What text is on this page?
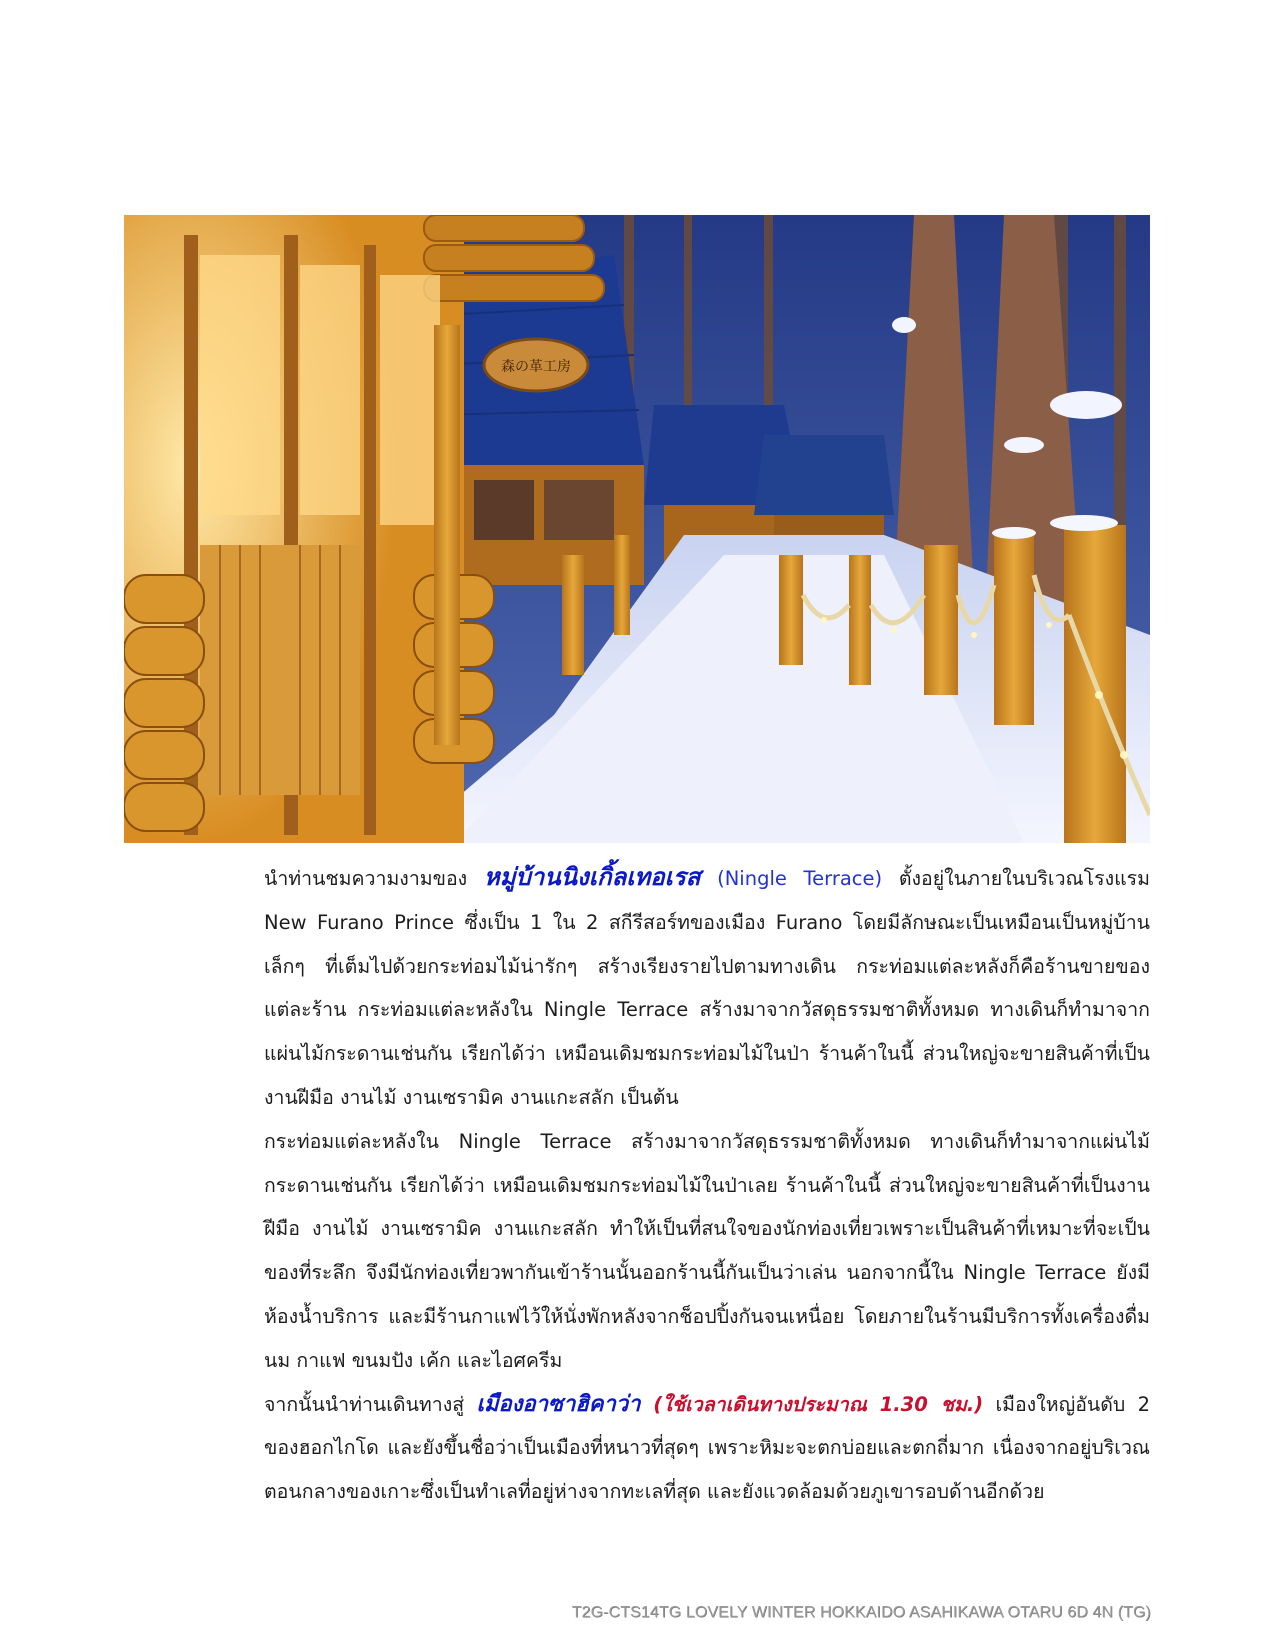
森の革工房

นำท่านชมความงามของ หมู่บ้านนิงเกิ้ลเทอเรส (Ningle Terrace) ตั้งอยู่ในภายในบริเวณโรงแรม New Furano Prince ซึ่งเป็น 1 ใน 2 สกีรีสอร์ทของเมือง Furano โดยมีลักษณะเป็นเหมือนเป็นหมู่บ้านเล็กๆ ที่เต็มไปด้วยกระท่อมไม้น่ารักๆ สร้างเรียงรายไปตามทางเดิน กระท่อมแต่ละหลังก็คือร้านขายของแต่ละร้าน กระท่อมแต่ละหลังใน Ningle Terrace สร้างมาจากวัสดุธรรมชาติทั้งหมด ทางเดินก็ทำมาจากแผ่นไม้กระดานเช่นกัน เรียกได้ว่า เหมือนเดิมชมกระท่อมไม้ในป่า ร้านค้าในนี้ ส่วนใหญ่จะขายสินค้าที่เป็นงานฝีมือ งานไม้ งานเซรามิค งานแกะสลัก เป็นต้น

กระท่อมแต่ละหลังใน Ningle Terrace สร้างมาจากวัสดุธรรมชาติทั้งหมด ทางเดินก็ทำมาจากแผ่นไม้กระดานเช่นกัน เรียกได้ว่า เหมือนเดิมชมกระท่อมไม้ในป่าเลย ร้านค้าในนี้ ส่วนใหญ่จะขายสินค้าที่เป็นงานฝีมือ งานไม้ งานเซรามิค งานแกะสลัก ทำให้เป็นที่สนใจของนักท่องเที่ยวเพราะเป็นสินค้าที่เหมาะที่จะเป็นของที่ระลึก จึงมีนักท่องเที่ยวพากันเข้าร้านนั้นออกร้านนี้กันเป็นว่าเล่น นอกจากนี้ใน Ningle Terrace ยังมีห้องน้ำบริการ และมีร้านกาแฟไว้ให้นั่งพักหลังจากช็อปปิ้งกันจนเหนื่อย โดยภายในร้านมีบริการทั้งเครื่องดื่ม นม กาแฟ ขนมปัง เค้ก และไอศครีม

จากนั้นนำท่านเดินทางสู่ เมืองอาซาฮิคาว่า (ใช้เวลาเดินทางประมาณ 1.30 ชม.) เมืองใหญ่อันดับ 2 ของฮอกไกโด และยังขึ้นชื่อว่าเป็นเมืองที่หนาวที่สุดๆ เพราะหิมะจะตกบ่อยและตกถี่มาก เนื่องจากอยู่บริเวณตอนกลางของเกาะซึ่งเป็นทำเลที่อยู่ห่างจากทะเลที่สุด และยังแวดล้อมด้วยภูเขารอบด้านอีกด้วย

T2G-CTS14TG LOVELY WINTER HOKKAIDO ASAHIKAWA OTARU 6D 4N (TG)
